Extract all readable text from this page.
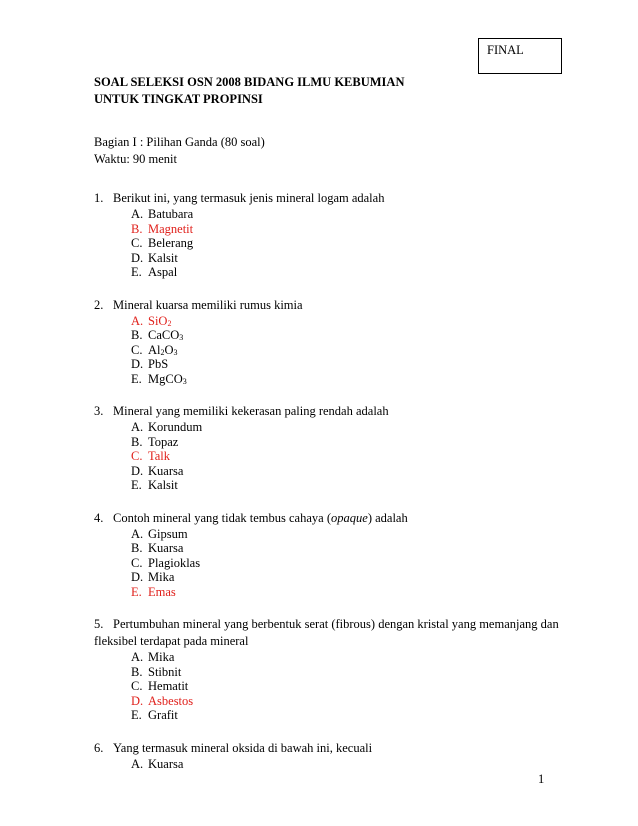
FINAL
SOAL SELEKSI OSN 2008 BIDANG ILMU KEBUMIAN
UNTUK TINGKAT PROPINSI
Bagian I : Pilihan Ganda (80 soal)
Waktu: 90 menit
1. Berikut ini, yang termasuk jenis mineral logam adalah
A. Batubara
B. Magnetit
C. Belerang
D. Kalsit
E. Aspal
2. Mineral kuarsa memiliki rumus kimia
A. SiO$_2$
B. CaCO$_3$
C. $Al_2O_3$
D. PbS
E. MgCO$_3$
3. Mineral yang memiliki kekerasan paling rendah adalah
A. Korundum
B. Topaz
C. Talk
D. Kuarsa
E. Kalsit
4. Contoh mineral yang tidak tembus cahaya (opaque) adalah
A. Gipsum
B. Kuarsa
C. Plagioklas
D. Mika
E. Emas
5. Pertumbuhan mineral yang berbentuk serat (fibrous) dengan kristal yang memanjang dan fleksibel terdapat pada mineral
A. Mika
B. Stibnit
C. Hematit
D. Asbestos
E. Grafit
6. Yang termasuk mineral oksida di bawah ini, kecuali
A. Kuarsa
1
